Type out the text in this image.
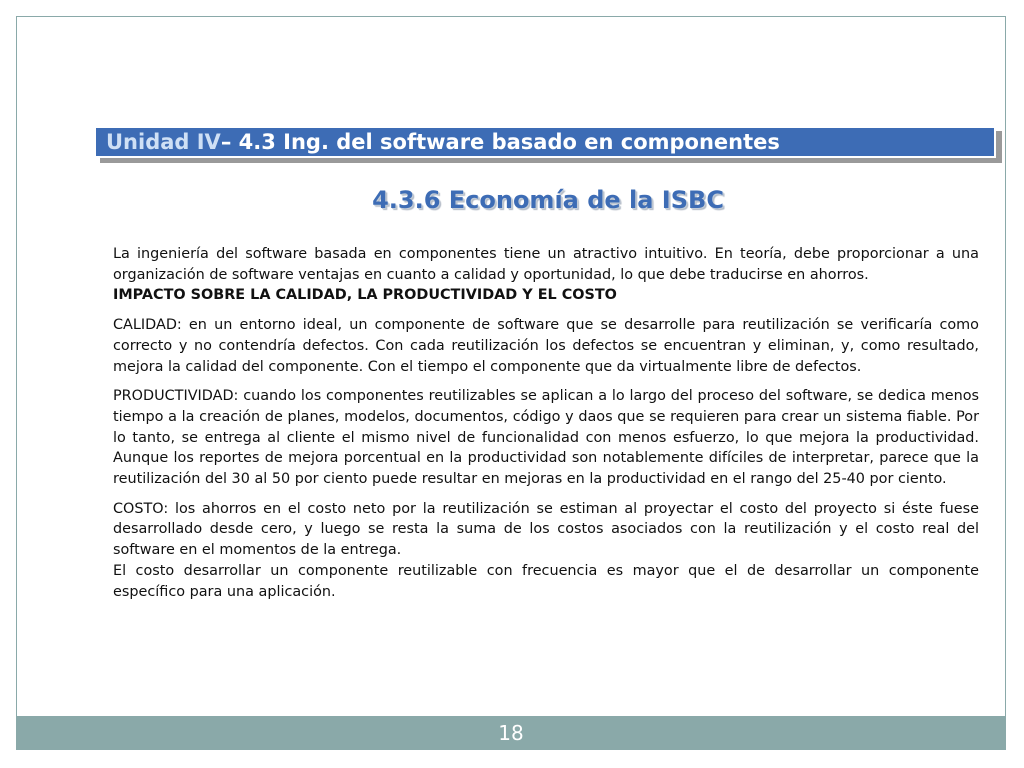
Unidad IV – 4.3 Ing. del software basado en componentes
4.3.6 Economía de la ISBC

La ingeniería del software basada en componentes tiene un atractivo intuitivo. En teoría, debe proporcionar a una organización de software ventajas en cuanto a calidad y oportunidad, lo que debe traducirse en ahorros.

IMPACTO SOBRE LA CALIDAD, LA PRODUCTIVIDAD Y EL COSTO

CALIDAD: en un entorno ideal, un componente de software que se desarrolle para reutilización se verificaría como correcto y no contendría defectos. Con cada reutilización los defectos se encuentran y eliminan, y, como resultado, mejora la calidad del componente. Con el tiempo el componente que da virtualmente libre de defectos.

PRODUCTIVIDAD: cuando los componentes reutilizables se aplican a lo largo del proceso del software, se dedica menos tiempo a la creación de planes, modelos, documentos, código y daos que se requieren para crear un sistema fiable. Por lo tanto, se entrega al cliente el mismo nivel de funcionalidad con menos esfuerzo, lo que mejora la productividad. Aunque los reportes de mejora porcentual en la productividad son notablemente difíciles de interpretar, parece que la reutilización del 30 al 50 por ciento puede resultar en mejoras en la productividad en el rango del 25-40 por ciento.

COSTO: los ahorros en el costo neto por la reutilización se estiman al proyectar el costo del proyecto si éste fuese desarrollado desde cero, y luego se resta la suma de los costos asociados con la reutilización y el costo real del software en el momentos de la entrega.

El costo desarrollar un componente reutilizable con frecuencia es mayor que el de desarrollar un componente específico para una aplicación.

18
